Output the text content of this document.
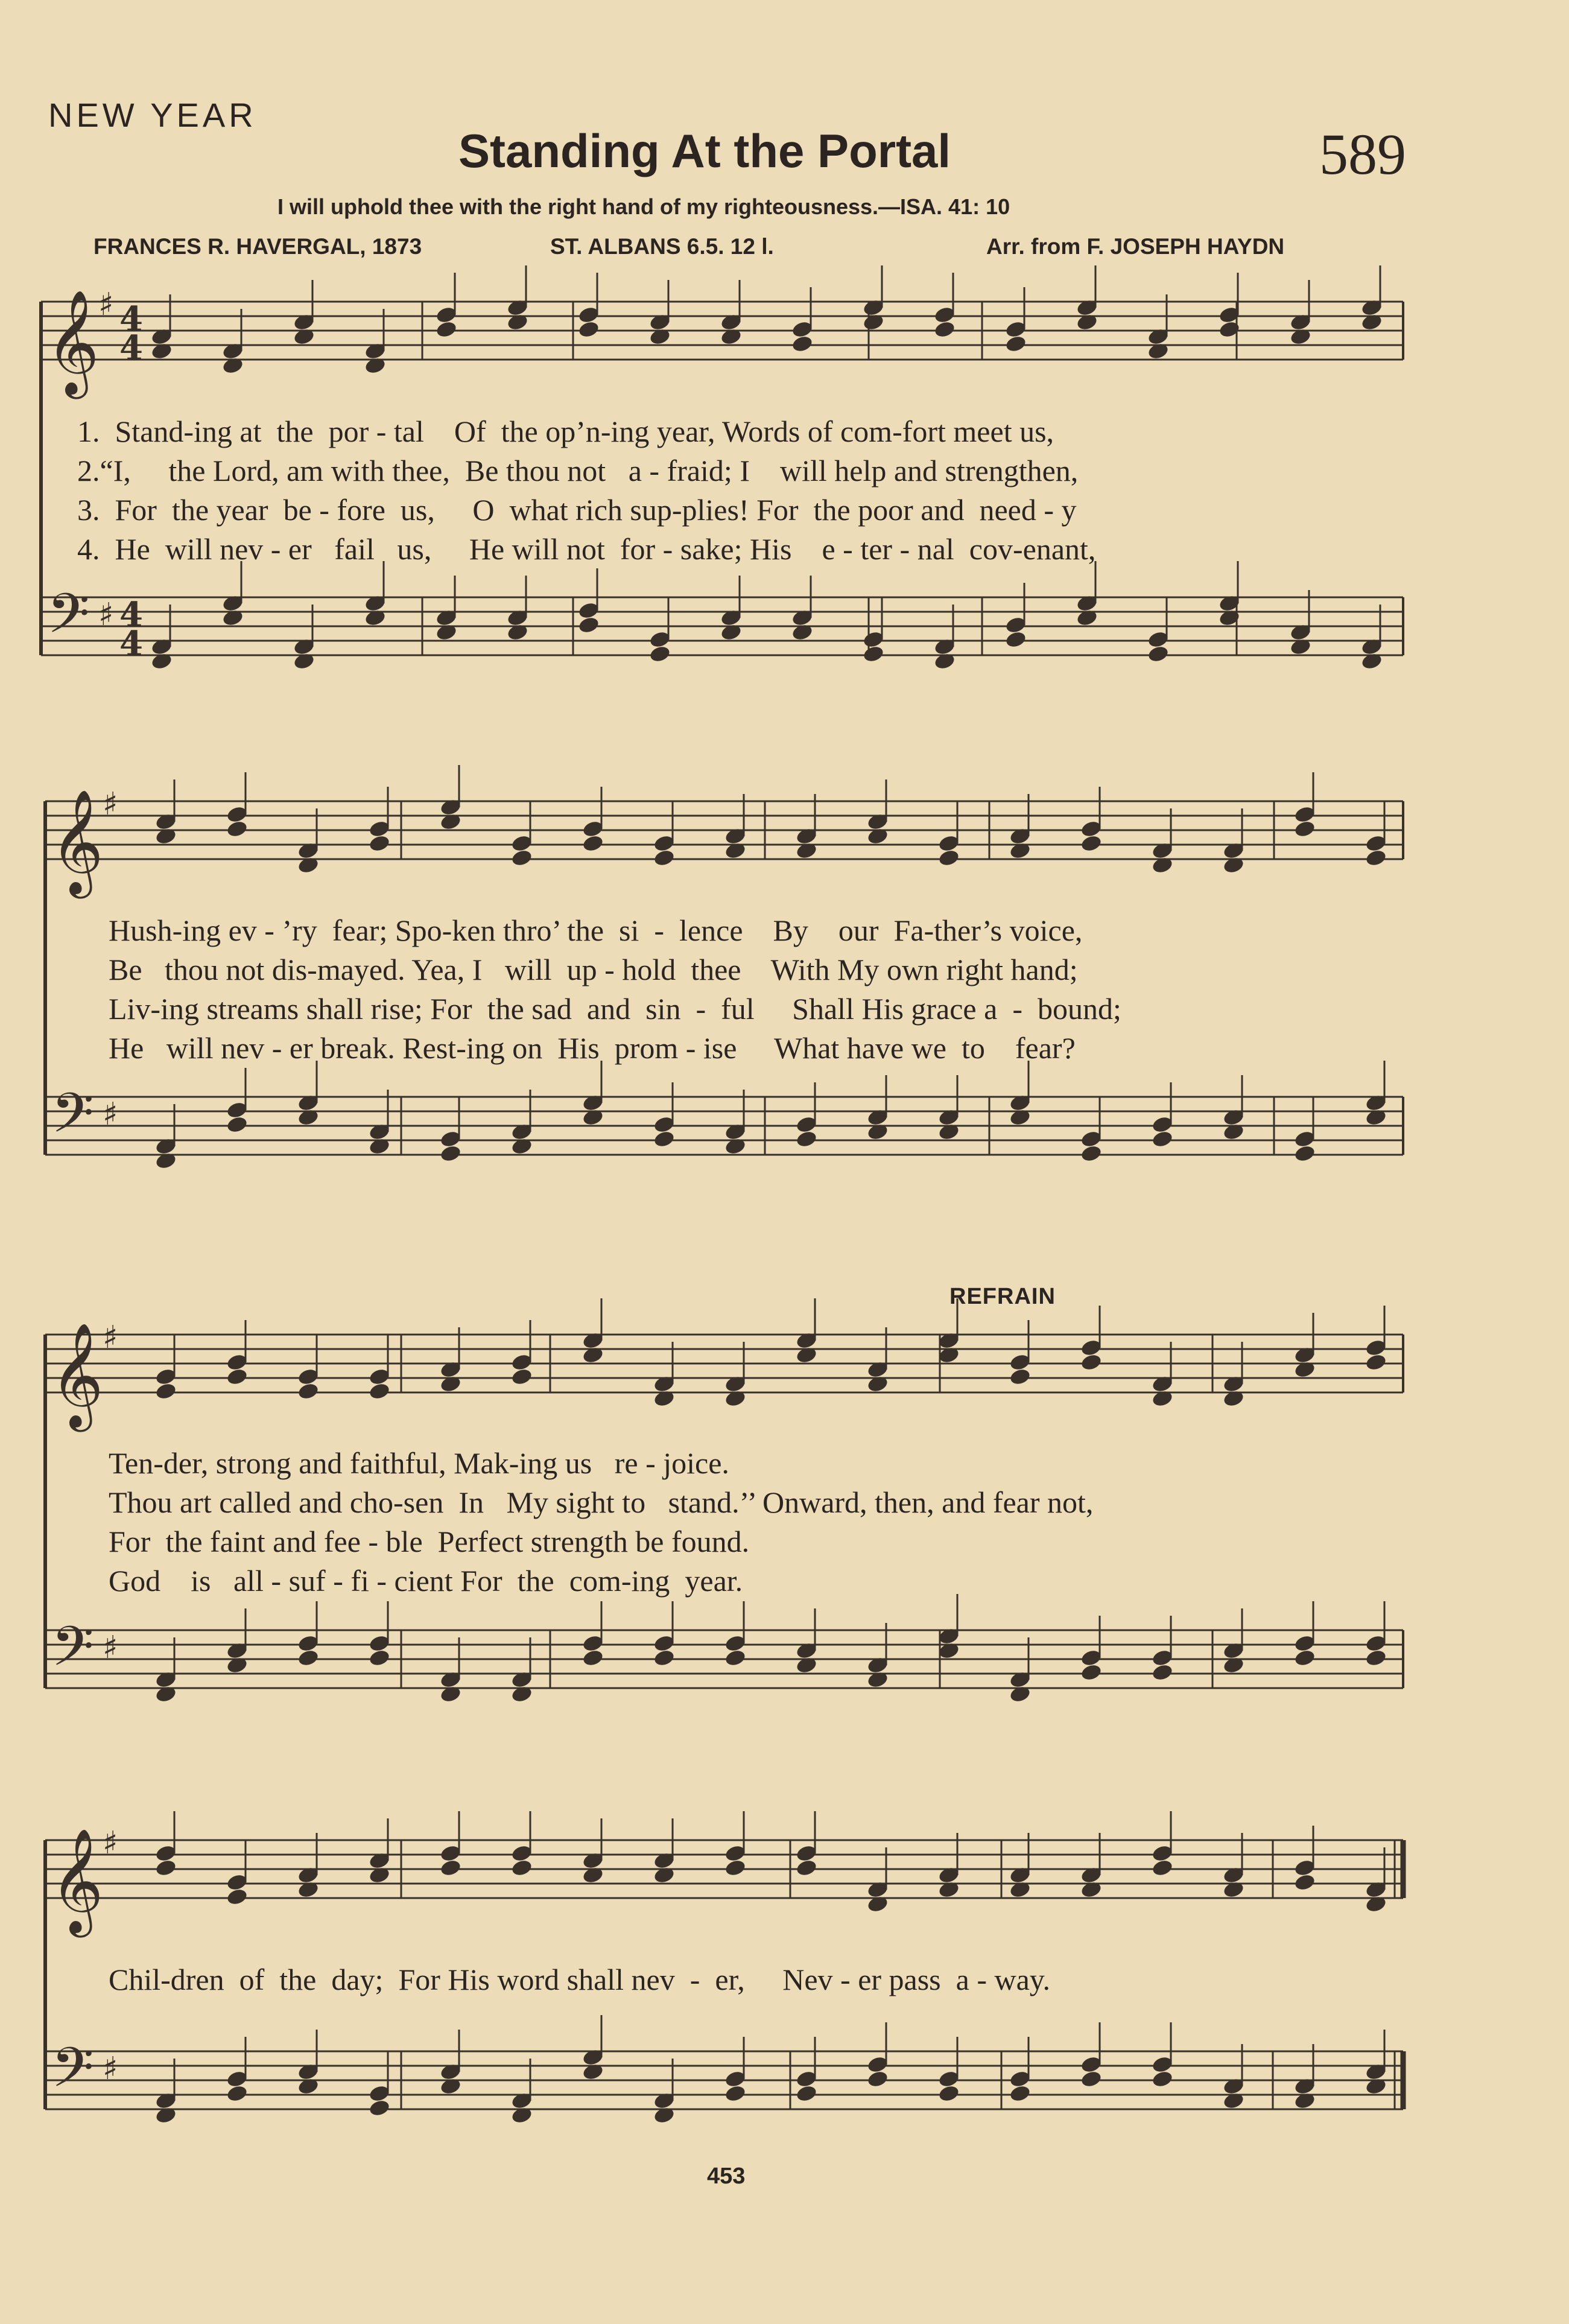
NEW YEAR
Standing At the Portal	589
I will uphold thee with the right hand of my righteousness.—ISA. 41: 10
FRANCES R. HAVERGAL, 1873	ST. ALBANS 6.5. 12 l.	Arr. from F. JOSEPH HAYDN
𝄞
𝄢
♯
♯
4
4
4
4
𝄞
𝄢
♯
♯
𝄞
𝄢
♯
♯
𝄞
𝄢
♯
♯
1.  Stand-ing at  the  por - tal    Of  the op’n-ing year, Words of com-fort meet us,
2.“I,     the Lord, am with thee,  Be thou not   a - fraid; I    will help and strengthen,
3.  For  the year  be - fore  us,     O  what rich sup-plies! For  the poor and  need - y
4.  He  will nev - er   fail   us,     He will not  for - sake; His    e - ter - nal  cov-enant,
Hush-ing ev - ’ry  fear; Spo-ken thro’ the  si  -  lence    By    our  Fa-ther’s voice,
Be   thou not dis-mayed. Yea, I   will  up - hold  thee    With My own right hand;
Liv-ing streams shall rise; For  the sad  and  sin  -  ful     Shall His grace a  -  bound;
He   will nev - er break. Rest-ing on  His  prom - ise     What have we  to    fear?
REFRAIN
Ten-der, strong and faithful, Mak-ing us   re - joice.
Thou art called and cho-sen  In   My sight to   stand.’’ Onward, then, and fear not,
For  the faint and fee - ble  Perfect strength be found.
God    is   all - suf - fi - cient For  the  com-ing  year.
Chil-dren  of  the  day;  For His word shall nev  -  er,     Nev - er pass  a - way.
453
